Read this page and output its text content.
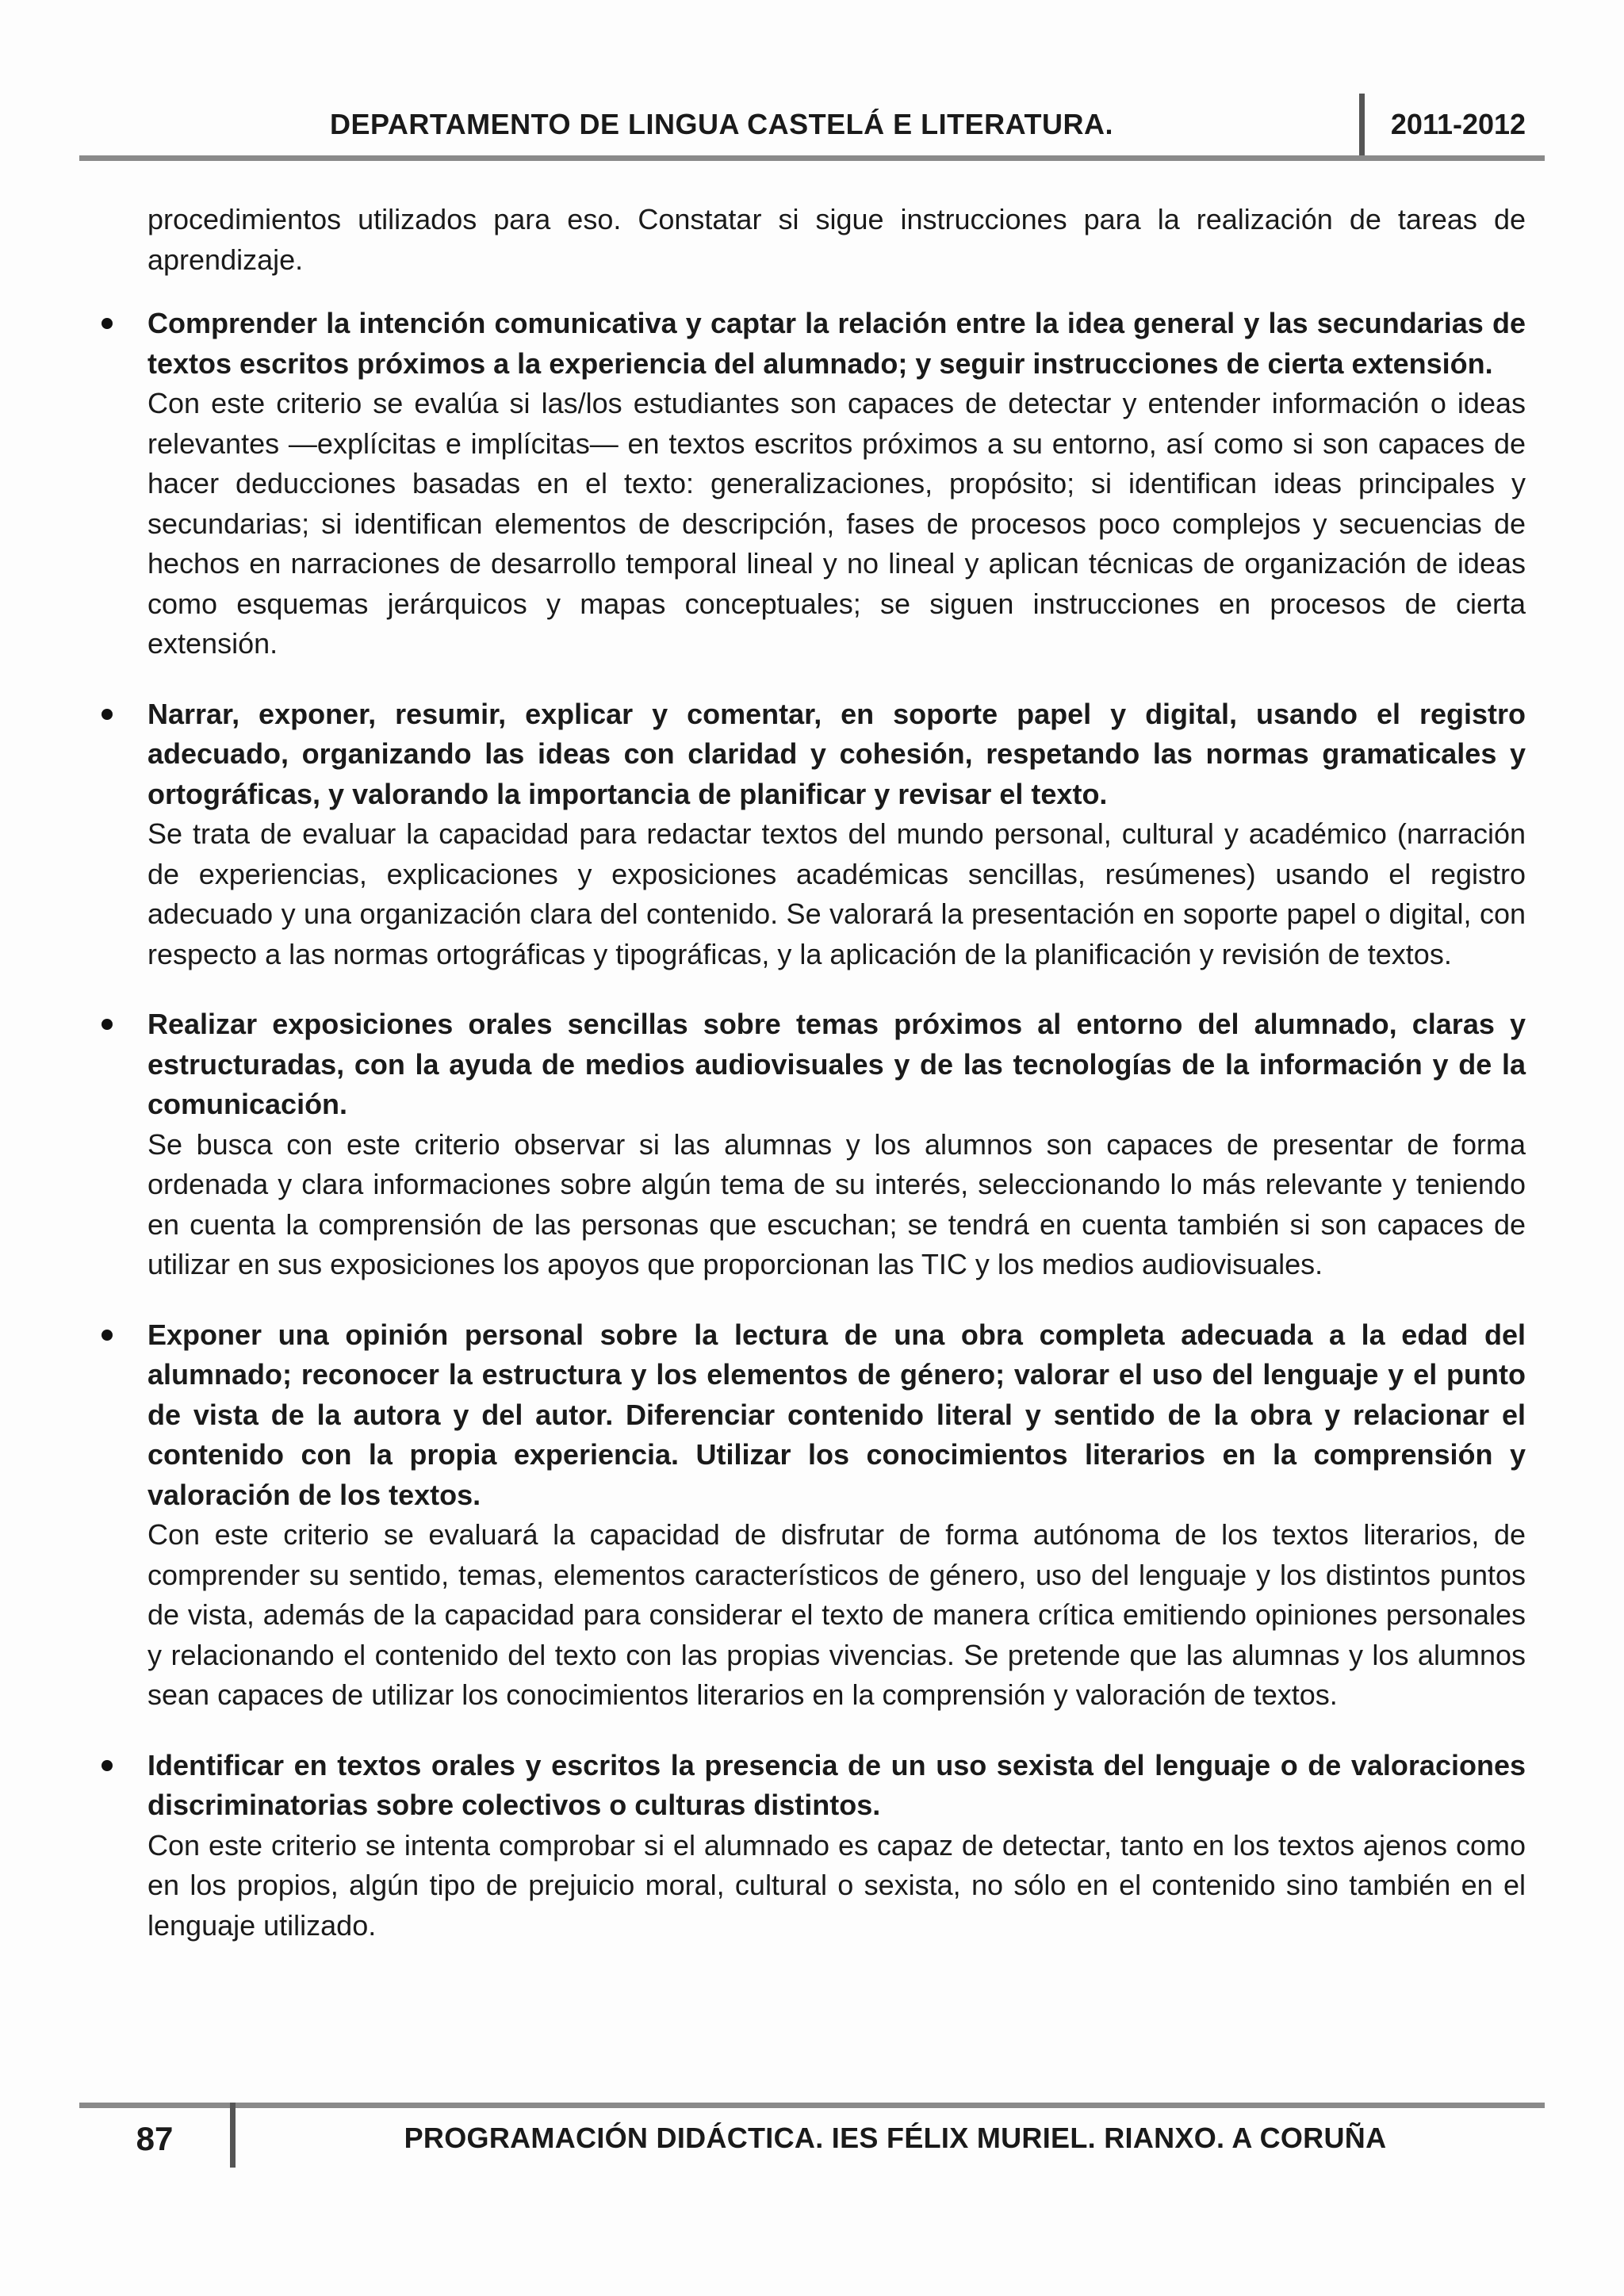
DEPARTAMENTO DE LINGUA CASTELÁ E LITERATURA.	2011-2012

procedimientos utilizados para eso. Constatar si sigue instrucciones para la realización de tareas de aprendizaje.

Comprender la intención comunicativa y captar la relación entre la idea general y las secundarias de textos escritos próximos a la experiencia del alumnado; y seguir instrucciones de cierta extensión.

Con este criterio se evalúa si las/los estudiantes son capaces de detectar y entender información o ideas relevantes —explícitas e implícitas— en textos escritos próximos a su entorno, así como si son capaces de hacer deducciones basadas en el texto: generalizaciones, propósito; si identifican ideas principales y secundarias; si identifican elementos de descripción, fases de procesos poco complejos y secuencias de hechos en narraciones de desarrollo temporal lineal y no lineal y aplican técnicas de organización de ideas como esquemas jerárquicos y mapas conceptuales; se siguen instrucciones en procesos de cierta extensión.

Narrar, exponer, resumir, explicar y comentar, en soporte papel y digital, usando el registro adecuado, organizando las ideas con claridad y cohesión, respetando las normas gramaticales y ortográficas, y valorando la importancia de planificar y revisar el texto.

Se trata de evaluar la capacidad para redactar textos del mundo personal, cultural y académico (narración de experiencias, explicaciones y exposiciones académicas sencillas, resúmenes) usando el registro adecuado y una organización clara del contenido. Se valorará la presentación en soporte papel o digital, con respecto a las normas ortográficas y tipográficas, y la aplicación de la planificación y revisión de textos.

Realizar exposiciones orales sencillas sobre temas próximos al entorno del alumnado, claras y estructuradas, con la ayuda de medios audiovisuales y de las tecnologías de la información y de la comunicación.

Se busca con este criterio observar si las alumnas y los alumnos son capaces de presentar de forma ordenada y clara informaciones sobre algún tema de su interés, seleccionando lo más relevante y teniendo en cuenta la comprensión de las personas que escuchan; se tendrá en cuenta también si son capaces de utilizar en sus exposiciones los apoyos que proporcionan las TIC y los medios audiovisuales.

Exponer una opinión personal sobre la lectura de una obra completa adecuada a la edad del alumnado; reconocer la estructura y los elementos de género; valorar el uso del lenguaje y el punto de vista de la autora y del autor. Diferenciar contenido literal y sentido de la obra y relacionar el contenido con la propia experiencia. Utilizar los conocimientos literarios en la comprensión y valoración de los textos.

Con este criterio se evaluará la capacidad de disfrutar de forma autónoma de los textos literarios, de comprender su sentido, temas, elementos característicos de género, uso del lenguaje y los distintos puntos de vista, además de la capacidad para considerar el texto de manera crítica emitiendo opiniones personales y relacionando el contenido del texto con las propias vivencias. Se pretende que las alumnas y los alumnos sean capaces de utilizar los conocimientos literarios en la comprensión y valoración de textos.

Identificar en textos orales y escritos la presencia de un uso sexista del lenguaje o de valoraciones discriminatorias sobre colectivos o culturas distintos.

Con este criterio se intenta comprobar si el alumnado es capaz de detectar, tanto en los textos ajenos como en los propios, algún tipo de prejuicio moral, cultural o sexista, no sólo en el contenido sino también en el lenguaje utilizado.

87	PROGRAMACIÓN DIDÁCTICA. IES FÉLIX MURIEL. RIANXO. A CORUÑA
